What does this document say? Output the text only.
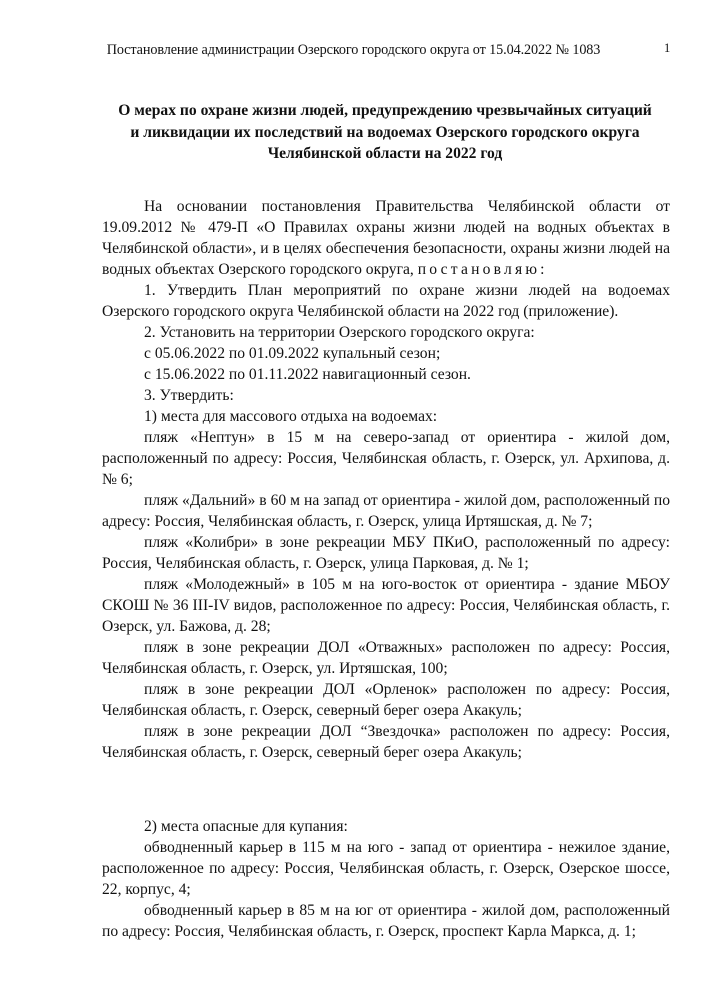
Постановление администрации Озерского городского округа от 15.04.2022 № 1083	1
О мерах по охране жизни людей, предупреждению чрезвычайных ситуаций
и ликвидации их последствий на водоемах Озерского городского округа
Челябинской области на 2022 год

На основании постановления Правительства Челябинской области от 19.09.2012 № 479-П «О Правилах охраны жизни людей на водных объектах в Челябинской области», и в целях обеспечения безопасности, охраны жизни людей на водных объектах Озерского городского округа, постановляю:

1. Утвердить План мероприятий по охране жизни людей на водоемах Озерского городского округа Челябинской области на 2022 год (приложение).

2. Установить на территории Озерского городского округа:

с 05.06.2022 по 01.09.2022 купальный сезон;

с 15.06.2022 по 01.11.2022 навигационный сезон.

3. Утвердить:

1) места для массового отдыха на водоемах:

пляж «Нептун» в 15 м на северо-запад от ориентира - жилой дом, расположенный по адресу: Россия, Челябинская область, г. Озерск, ул. Архипова, д. № 6;

пляж «Дальний» в 60 м на запад от ориентира - жилой дом, расположенный по адресу: Россия, Челябинская область, г. Озерск, улица Иртяшская, д. № 7;

пляж «Колибри» в зоне рекреации МБУ ПКиО, расположенный по адресу: Россия, Челябинская область, г. Озерск, улица Парковая, д. № 1;

пляж «Молодежный» в 105 м на юго-восток от ориентира - здание МБОУ СКОШ № 36 III-IV видов, расположенное по адресу: Россия, Челябинская область, г. Озерск, ул. Бажова, д. 28;

пляж в зоне рекреации ДОЛ «Отважных» расположен по адресу: Россия, Челябинская область, г. Озерск, ул. Иртяшская, 100;

пляж в зоне рекреации ДОЛ «Орленок» расположен по адресу: Россия, Челябинская область, г. Озерск, северный берег озера Акакуль;

пляж в зоне рекреации ДОЛ “Звездочка» расположен по адресу: Россия, Челябинская область, г. Озерск, северный берег озера Акакуль;

2) места опасные для купания:

обводненный карьер в 115 м на юго - запад от ориентира - нежилое здание, расположенное по адресу: Россия, Челябинская область, г. Озерск, Озерское шоссе, 22, корпус, 4;

обводненный карьер в 85 м на юг от ориентира - жилой дом, расположенный по адресу: Россия, Челябинская область, г. Озерск, проспект Карла Маркса, д. 1;
